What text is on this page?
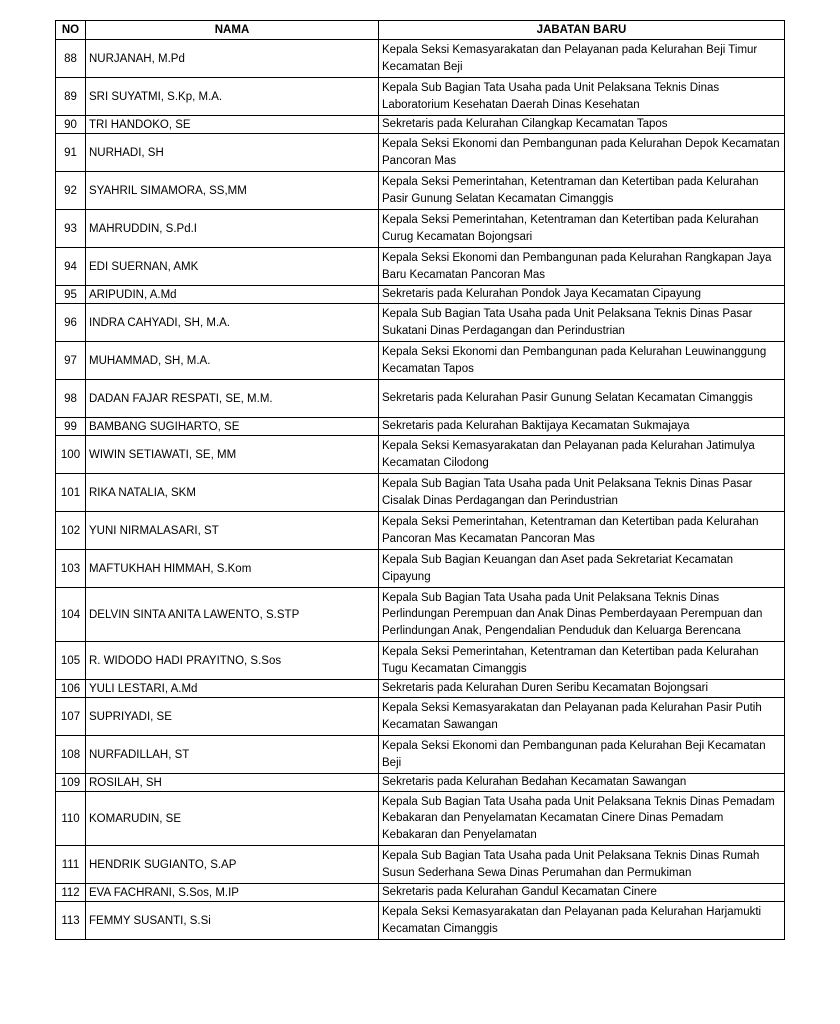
NO	NAMA	JABATAN BARU
88	NURJANAH, M.Pd	Kepala Seksi Kemasyarakatan dan Pelayanan pada Kelurahan Beji Timur Kecamatan Beji
89	SRI SUYATMI, S.Kp, M.A.	Kepala Sub Bagian Tata Usaha pada Unit Pelaksana Teknis Dinas Laboratorium Kesehatan Daerah Dinas Kesehatan
90	TRI HANDOKO, SE	Sekretaris pada Kelurahan Cilangkap Kecamatan Tapos
91	NURHADI, SH	Kepala Seksi Ekonomi dan Pembangunan pada Kelurahan Depok Kecamatan Pancoran Mas
92	SYAHRIL SIMAMORA, SS,MM	Kepala Seksi Pemerintahan, Ketentraman dan Ketertiban pada Kelurahan Pasir Gunung Selatan Kecamatan Cimanggis
93	MAHRUDDIN, S.Pd.I	Kepala Seksi Pemerintahan, Ketentraman dan Ketertiban pada Kelurahan Curug Kecamatan Bojongsari
94	EDI SUERNAN, AMK	Kepala Seksi Ekonomi dan Pembangunan pada Kelurahan Rangkapan Jaya Baru Kecamatan Pancoran Mas
95	ARIPUDIN, A.Md	Sekretaris pada Kelurahan Pondok Jaya Kecamatan Cipayung
96	INDRA CAHYADI, SH, M.A.	Kepala Sub Bagian Tata Usaha pada Unit Pelaksana Teknis Dinas Pasar Sukatani Dinas Perdagangan dan Perindustrian
97	MUHAMMAD, SH, M.A.	Kepala Seksi Ekonomi dan Pembangunan pada Kelurahan Leuwinanggung Kecamatan Tapos
98	DADAN FAJAR RESPATI, SE, M.M.	Sekretaris pada Kelurahan Pasir Gunung Selatan Kecamatan Cimanggis
99	BAMBANG SUGIHARTO, SE	Sekretaris pada Kelurahan Baktijaya Kecamatan Sukmajaya
100	WIWIN SETIAWATI, SE, MM	Kepala Seksi Kemasyarakatan dan Pelayanan pada Kelurahan Jatimulya Kecamatan Cilodong
101	RIKA NATALIA, SKM	Kepala Sub Bagian Tata Usaha pada Unit Pelaksana Teknis Dinas Pasar Cisalak Dinas Perdagangan dan Perindustrian
102	YUNI NIRMALASARI, ST	Kepala Seksi Pemerintahan, Ketentraman dan Ketertiban pada Kelurahan Pancoran Mas Kecamatan Pancoran Mas
103	MAFTUKHAH HIMMAH, S.Kom	Kepala Sub Bagian Keuangan dan Aset pada Sekretariat Kecamatan Cipayung
104	DELVIN SINTA ANITA LAWENTO, S.STP	Kepala Sub Bagian Tata Usaha pada Unit Pelaksana Teknis Dinas Perlindungan Perempuan dan Anak Dinas Pemberdayaan Perempuan dan Perlindungan Anak, Pengendalian Penduduk dan Keluarga Berencana
105	R. WIDODO HADI PRAYITNO, S.Sos	Kepala Seksi Pemerintahan, Ketentraman dan Ketertiban pada Kelurahan Tugu Kecamatan Cimanggis
106	YULI LESTARI, A.Md	Sekretaris pada Kelurahan Duren Seribu Kecamatan Bojongsari
107	SUPRIYADI, SE	Kepala Seksi Kemasyarakatan dan Pelayanan pada Kelurahan Pasir Putih Kecamatan Sawangan
108	NURFADILLAH, ST	Kepala Seksi Ekonomi dan Pembangunan pada Kelurahan Beji Kecamatan Beji
109	ROSILAH, SH	Sekretaris pada Kelurahan Bedahan Kecamatan Sawangan
110	KOMARUDIN, SE	Kepala Sub Bagian Tata Usaha pada Unit Pelaksana Teknis Dinas Pemadam Kebakaran dan Penyelamatan Kecamatan Cinere Dinas Pemadam Kebakaran dan Penyelamatan
111	HENDRIK SUGIANTO, S.AP	Kepala Sub Bagian Tata Usaha pada Unit Pelaksana Teknis Dinas Rumah Susun Sederhana Sewa Dinas Perumahan dan Permukiman
112	EVA FACHRANI, S.Sos, M.IP	Sekretaris pada Kelurahan Gandul Kecamatan Cinere
113	FEMMY SUSANTI, S.Si	Kepala Seksi Kemasyarakatan dan Pelayanan pada Kelurahan Harjamukti Kecamatan Cimanggis
